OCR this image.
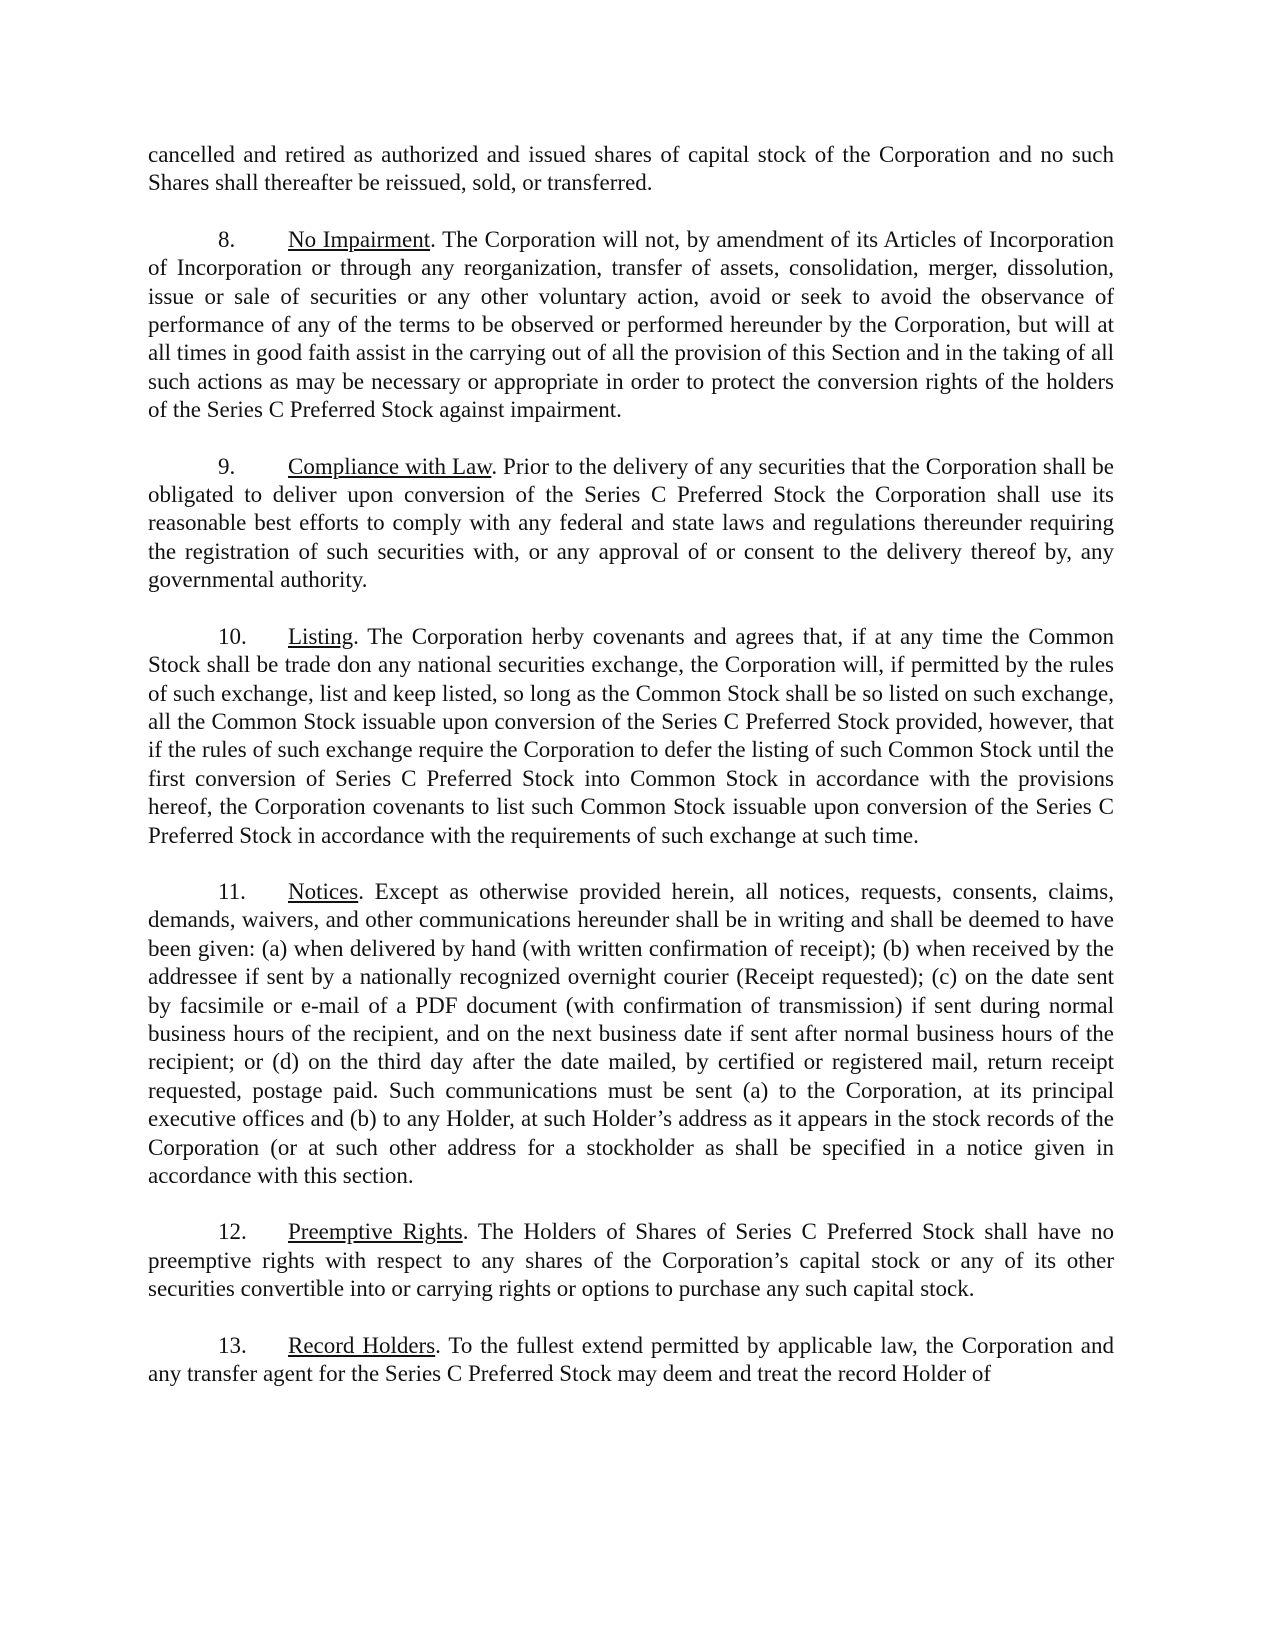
cancelled and retired as authorized and issued shares of capital stock of the Corporation and no such Shares shall thereafter be reissued, sold, or transferred.

8. No Impairment. The Corporation will not, by amendment of its Articles of Incorporation of Incorporation or through any reorganization, transfer of assets, consolidation, merger, dissolution, issue or sale of securities or any other voluntary action, avoid or seek to avoid the observance of performance of any of the terms to be observed or performed hereunder by the Corporation, but will at all times in good faith assist in the carrying out of all the provision of this Section and in the taking of all such actions as may be necessary or appropriate in order to protect the conversion rights of the holders of the Series C Preferred Stock against impairment.

9. Compliance with Law. Prior to the delivery of any securities that the Corporation shall be obligated to deliver upon conversion of the Series C Preferred Stock the Corporation shall use its reasonable best efforts to comply with any federal and state laws and regulations thereunder requiring the registration of such securities with, or any approval of or consent to the delivery thereof by, any governmental authority.

10. Listing. The Corporation herby covenants and agrees that, if at any time the Common Stock shall be trade don any national securities exchange, the Corporation will, if permitted by the rules of such exchange, list and keep listed, so long as the Common Stock shall be so listed on such exchange, all the Common Stock issuable upon conversion of the Series C Preferred Stock provided, however, that if the rules of such exchange require the Corporation to defer the listing of such Common Stock until the first conversion of Series C Preferred Stock into Common Stock in accordance with the provisions hereof, the Corporation covenants to list such Common Stock issuable upon conversion of the Series C Preferred Stock in accordance with the requirements of such exchange at such time.

11. Notices. Except as otherwise provided herein, all notices, requests, consents, claims, demands, waivers, and other communications hereunder shall be in writing and shall be deemed to have been given: (a) when delivered by hand (with written confirmation of receipt); (b) when received by the addressee if sent by a nationally recognized overnight courier (Receipt requested); (c) on the date sent by facsimile or e-mail of a PDF document (with confirmation of transmission) if sent during normal business hours of the recipient, and on the next business date if sent after normal business hours of the recipient; or (d) on the third day after the date mailed, by certified or registered mail, return receipt requested, postage paid. Such communications must be sent (a) to the Corporation, at its principal executive offices and (b) to any Holder, at such Holder’s address as it appears in the stock records of the Corporation (or at such other address for a stockholder as shall be specified in a notice given in accordance with this section.

12. Preemptive Rights. The Holders of Shares of Series C Preferred Stock shall have no preemptive rights with respect to any shares of the Corporation’s capital stock or any of its other securities convertible into or carrying rights or options to purchase any such capital stock.

13. Record Holders. To the fullest extend permitted by applicable law, the Corporation and any transfer agent for the Series C Preferred Stock may deem and treat the record Holder of
